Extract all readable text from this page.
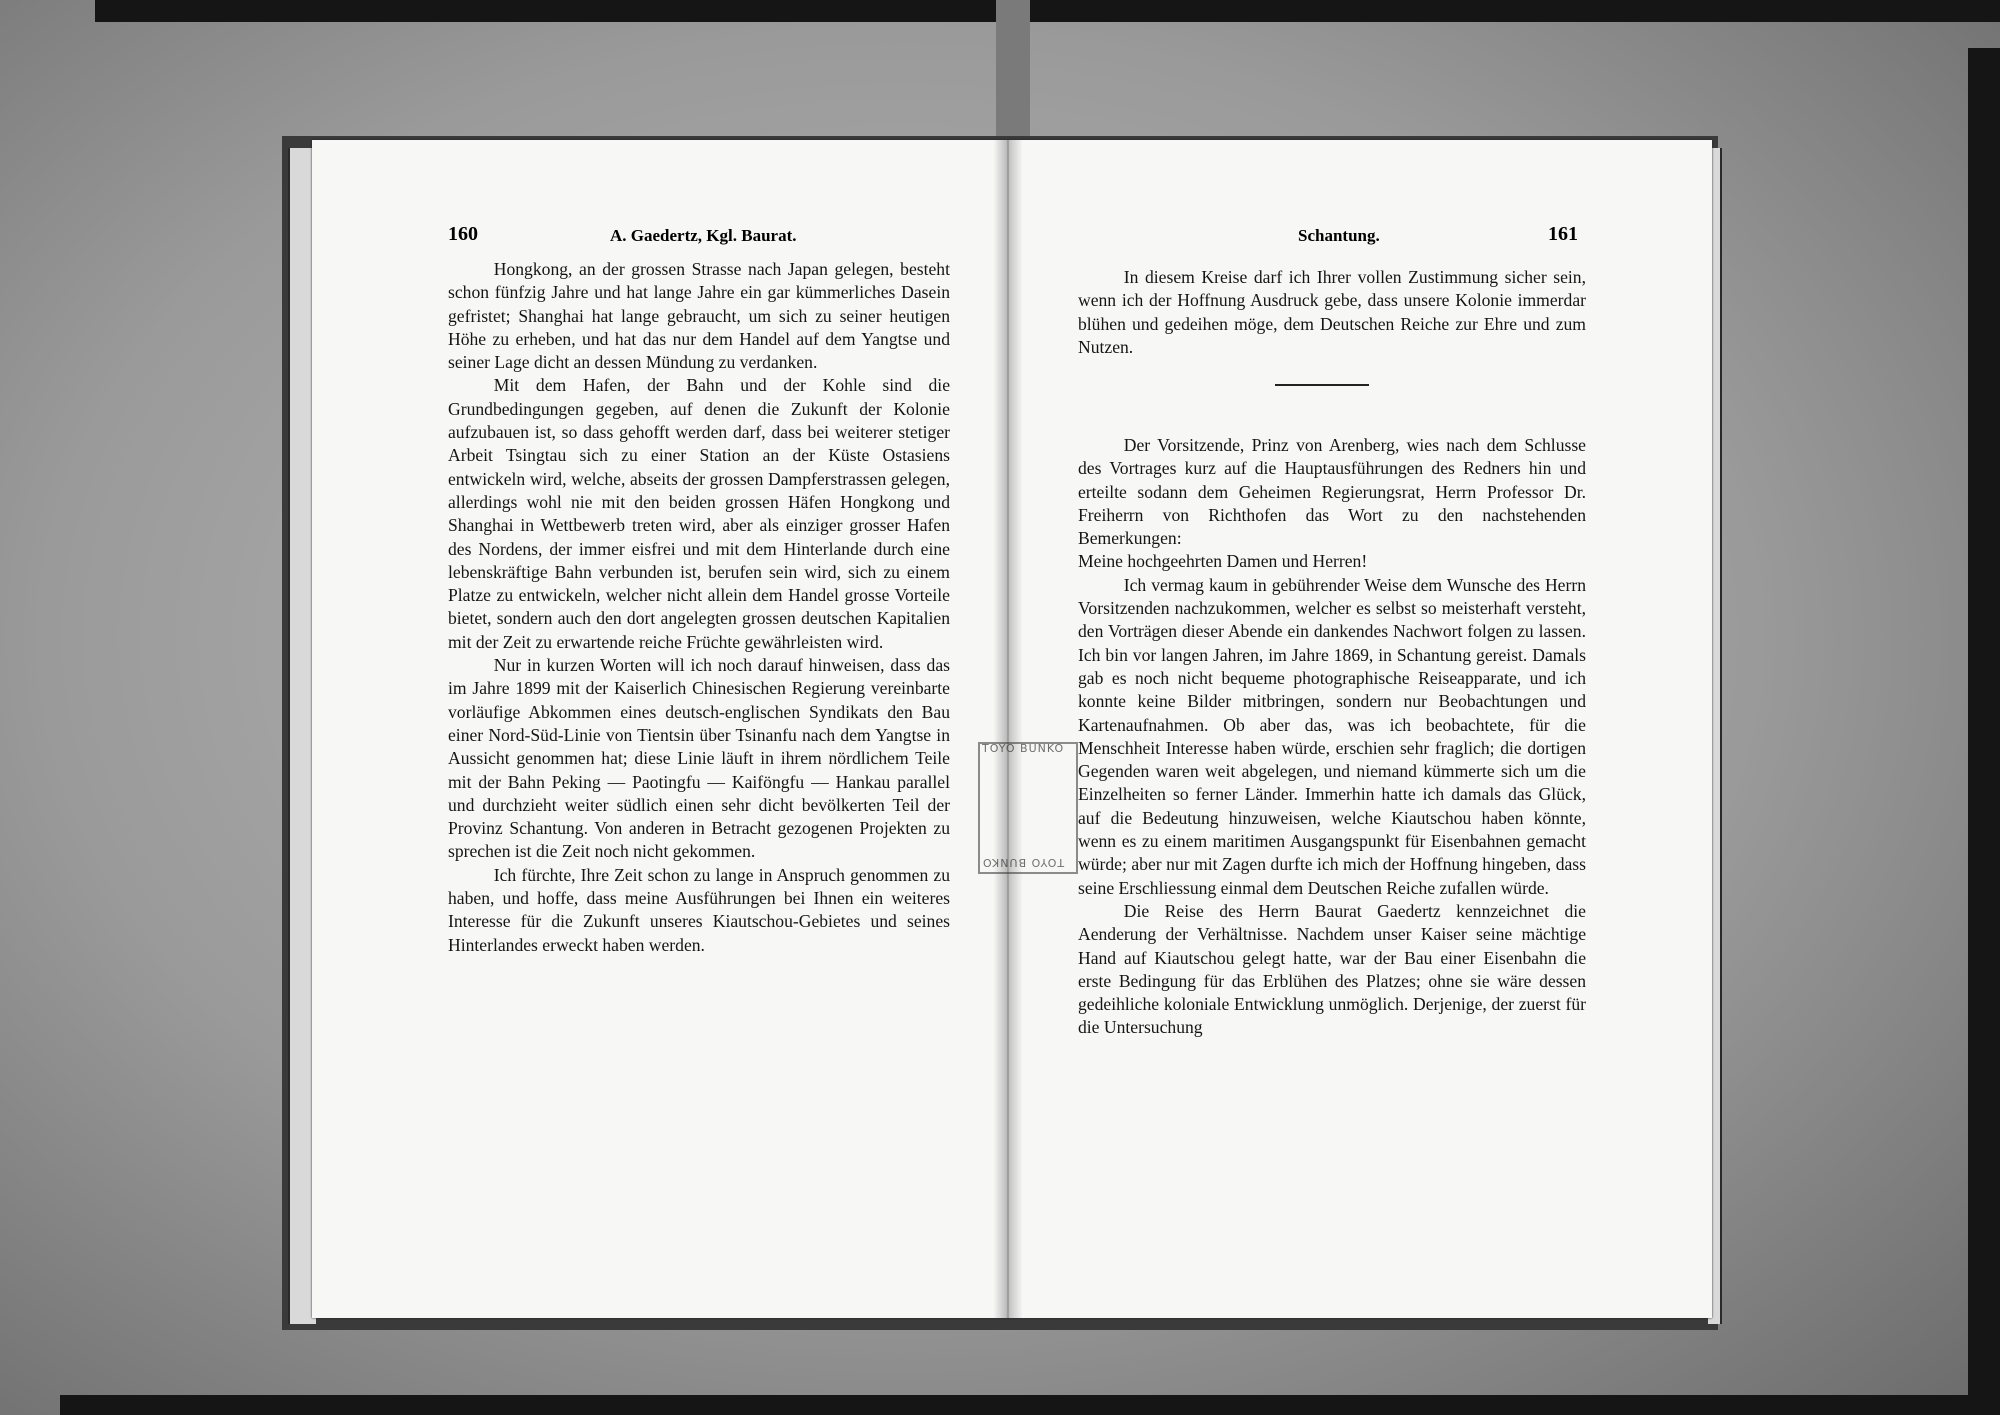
160	A. Gaedertz, Kgl. Baurat.

Hongkong, an der grossen Strasse nach Japan gelegen, besteht schon fünfzig Jahre und hat lange Jahre ein gar kümmerliches Dasein gefristet; Shanghai hat lange gebraucht, um sich zu seiner heutigen Höhe zu erheben, und hat das nur dem Handel auf dem Yangtse und seiner Lage dicht an dessen Mündung zu verdanken.

Mit dem Hafen, der Bahn und der Kohle sind die Grundbedingungen gegeben, auf denen die Zukunft der Kolonie aufzubauen ist, so dass gehofft werden darf, dass bei weiterer stetiger Arbeit Tsingtau sich zu einer Station an der Küste Ostasiens entwickeln wird, welche, abseits der grossen Dampferstrassen gelegen, allerdings wohl nie mit den beiden grossen Häfen Hongkong und Shanghai in Wettbewerb treten wird, aber als einziger grosser Hafen des Nordens, der immer eisfrei und mit dem Hinterlande durch eine lebenskräftige Bahn verbunden ist, berufen sein wird, sich zu einem Platze zu entwickeln, welcher nicht allein dem Handel grosse Vorteile bietet, sondern auch den dort angelegten grossen deutschen Kapitalien mit der Zeit zu erwartende reiche Früchte gewährleisten wird.

Nur in kurzen Worten will ich noch darauf hinweisen, dass das im Jahre 1899 mit der Kaiserlich Chinesischen Regierung vereinbarte vorläufige Abkommen eines deutsch-englischen Syndikats den Bau einer Nord-Süd-Linie von Tientsin über Tsinanfu nach dem Yangtse in Aussicht genommen hat; diese Linie läuft in ihrem nördlichem Teile mit der Bahn Peking — Paotingfu — Kaiföngfu — Hankau parallel und durchzieht weiter südlich einen sehr dicht bevölkerten Teil der Provinz Schantung. Von anderen in Betracht gezogenen Projekten zu sprechen ist die Zeit noch nicht gekommen.

Ich fürchte, Ihre Zeit schon zu lange in Anspruch genommen zu haben, und hoffe, dass meine Ausführungen bei Ihnen ein weiteres Interesse für die Zukunft unseres Kiautschou-Gebietes und seines Hinterlandes erweckt haben werden.

Schantung.	161

In diesem Kreise darf ich Ihrer vollen Zustimmung sicher sein, wenn ich der Hoffnung Ausdruck gebe, dass unsere Kolonie immerdar blühen und gedeihen möge, dem Deutschen Reiche zur Ehre und zum Nutzen.

Der Vorsitzende, Prinz von Arenberg, wies nach dem Schlusse des Vortrages kurz auf die Hauptausführungen des Redners hin und erteilte sodann dem Geheimen Regierungsrat, Herrn Professor Dr. Freiherrn von Richthofen das Wort zu den nachstehenden Bemerkungen:

Meine hochgeehrten Damen und Herren!

Ich vermag kaum in gebührender Weise dem Wunsche des Herrn Vorsitzenden nachzukommen, welcher es selbst so meisterhaft versteht, den Vorträgen dieser Abende ein dankendes Nachwort folgen zu lassen. Ich bin vor langen Jahren, im Jahre 1869, in Schantung gereist. Damals gab es noch nicht bequeme photographische Reiseapparate, und ich konnte keine Bilder mitbringen, sondern nur Beobachtungen und Kartenaufnahmen. Ob aber das, was ich beobachtete, für die Menschheit Interesse haben würde, erschien sehr fraglich; die dortigen Gegenden waren weit abgelegen, und niemand kümmerte sich um die Einzelheiten so ferner Länder. Immerhin hatte ich damals das Glück, auf die Bedeutung hinzuweisen, welche Kiautschou haben könnte, wenn es zu einem maritimen Ausgangspunkt für Eisenbahnen gemacht würde; aber nur mit Zagen durfte ich mich der Hoffnung hingeben, dass seine Erschliessung einmal dem Deutschen Reiche zufallen würde.

Die Reise des Herrn Baurat Gaedertz kennzeichnet die Aenderung der Verhältnisse. Nachdem unser Kaiser seine mächtige Hand auf Kiautschou gelegt hatte, war der Bau einer Eisenbahn die erste Bedingung für das Erblühen des Platzes; ohne sie wäre dessen gedeihliche koloniale Entwicklung unmöglich. Derjenige, der zuerst für die Untersuchung

TOYO BUNKO
TOYO BUNKO
